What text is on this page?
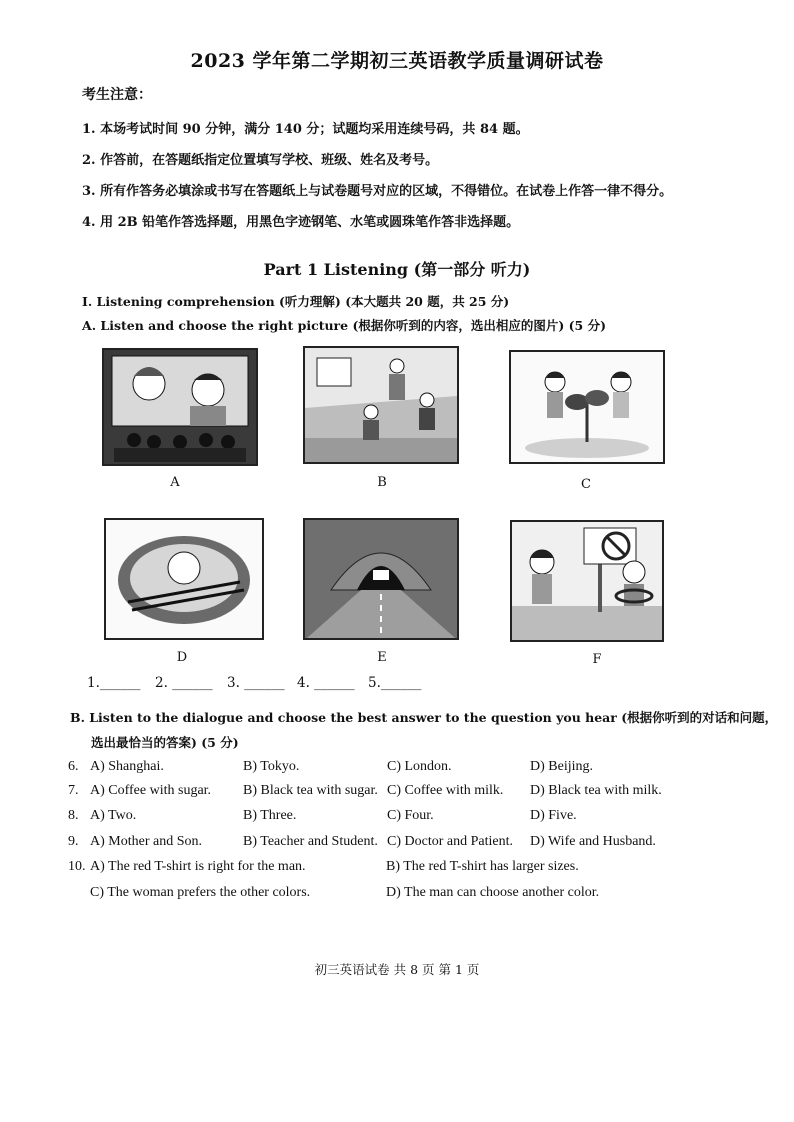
2023 学年第二学期初三英语教学质量调研试卷
考生注意：
1. 本场考试时间 90 分钟，满分 140 分；试题均采用连续号码，共 84 题。
2. 作答前，在答题纸指定位置填写学校、班级、姓名及考号。
3. 所有作答务必填涂或书写在答题纸上与试卷题号对应的区域，不得错位。在试卷上作答一律不得分。
4. 用 2B 铅笔作答选择题，用黑色字迹钢笔、水笔或圆珠笔作答非选择题。
Part 1 Listening (第一部分 听力)
I. Listening comprehension (听力理解) (本大题共 20 题，共 25 分)
A. Listen and choose the right picture (根据你听到的内容，选出相应的图片) (5 分)
A	B	C
D	E	F
1.______ 2. ______ 3. ______ 4. ______ 5.______
B. Listen to the dialogue and choose the best answer to the question you hear (根据你听到的对话和问题，
选出最恰当的答案) (5 分)
6. A) Shanghai.	B) Tokyo.	C) London.	D) Beijing.
7. A) Coffee with sugar. B) Black tea with sugar. C) Coffee with milk. D) Black tea with milk.
8. A) Two.	B) Three.	C) Four.	D) Five.
9. A) Mother and Son.	B) Teacher and Student. C) Doctor and Patient. D) Wife and Husband.
10. A) The red T-shirt is right for the man.	B) The red T-shirt has larger sizes.
C) The woman prefers the other colors.	D) The man can choose another color.
初三英语试卷 共 8 页 第 1 页
